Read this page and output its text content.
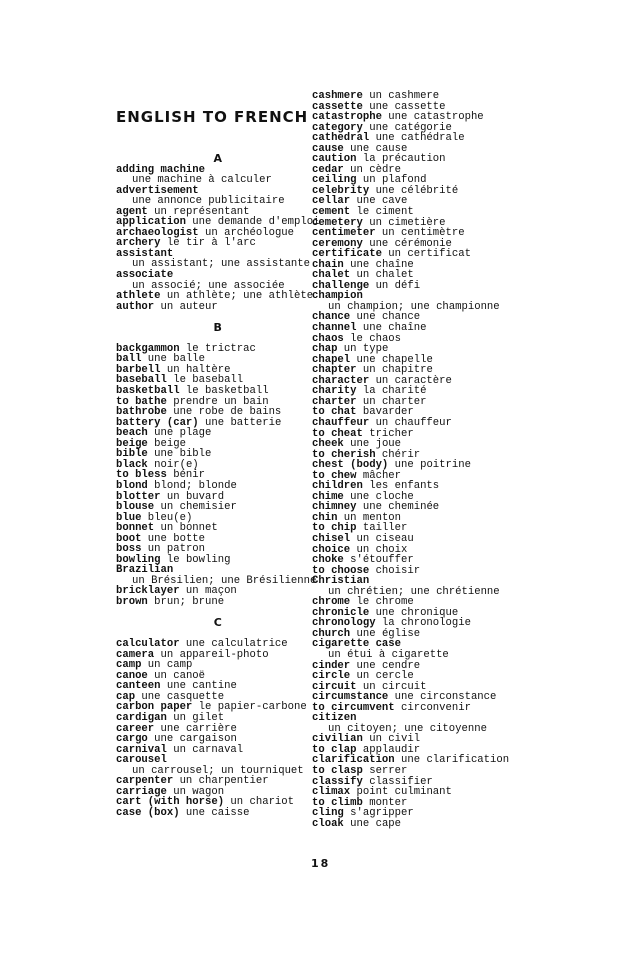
ENGLISH TO FRENCH
A
adding machine
une machine à calculer
advertisement
une annonce publicitaire
agent un représentant
application une demande d'emploi
archaeologist un archéologue
archery le tir à l'arc
assistant
un assistant; une assistante
associate
un associé; une associée
athlete un athlète; une athlète
author un auteur
B
backgammon le trictrac
ball une balle
barbell un haltère
baseball le baseball
basketball le basketball
to bathe prendre un bain
bathrobe une robe de bains
battery (car) une batterie
beach une plage
beige beige
bible une bible
black noir(e)
to bless bénir
blond blond; blonde
blotter un buvard
blouse un chemisier
blue bleu(e)
bonnet un bonnet
boot une botte
boss un patron
bowling le bowling
Brazilian
un Brésilien; une Brésilienne
bricklayer un maçon
brown brun; brune
C
calculator une calculatrice
camera un appareil-photo
camp un camp
canoe un canoë
canteen une cantine
cap une casquette
carbon paper le papier-carbone
cardigan un gilet
career une carrière
cargo une cargaison
carnival un carnaval
carousel
un carrousel; un tourniquet
carpenter un charpentier
carriage un wagon
cart (with horse) un chariot
case (box) une caisse
cashmere un cashmere
cassette une cassette
catastrophe une catastrophe
category une catégorie
cathedral une cathédrale
cause une cause
caution la précaution
cedar un cèdre
ceiling un plafond
celebrity une célébrité
cellar une cave
cement le ciment
cemetery un cimetière
centimeter un centimètre
ceremony une cérémonie
certificate un certificat
chain une chaîne
chalet un chalet
challenge un défi
champion
un champion; une championne
chance une chance
channel une chaîne
chaos le chaos
chap un type
chapel une chapelle
chapter un chapitre
character un caractère
charity la charité
charter un charter
to chat bavarder
chauffeur un chauffeur
to cheat tricher
cheek une joue
to cherish chérir
chest (body) une poitrine
to chew mâcher
children les enfants
chime une cloche
chimney une cheminée
chin un menton
to chip tailler
chisel un ciseau
choice un choix
choke s'étouffer
to choose choisir
Christian
un chrétien; une chrétienne
chrome le chrome
chronicle une chronique
chronology la chronologie
church une église
cigarette case
un étui à cigarette
cinder une cendre
circle un cercle
circuit un circuit
circumstance une circonstance
to circumvent circonvenir
citizen
un citoyen; une citoyenne
civilian un civil
to clap applaudir
clarification une clarification
to clasp serrer
classify classifier
climax point culminant
to climb monter
cling s'agripper
cloak une cape
18
